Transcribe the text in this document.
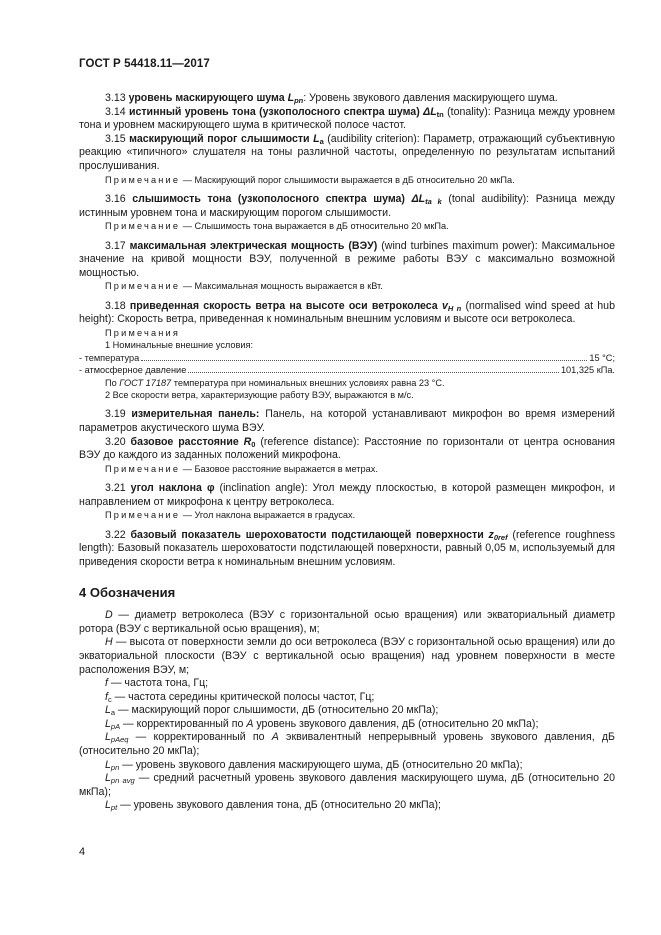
ГОСТ Р 54418.11—2017

3.13 уровень маскирующего шума $L_{pn}$: Уровень звукового давления маскирующего шума.

3.14 истинный уровень тона (узкополосного спектра шума) $\Delta L_{tn}$ (tonality): Разница между уровнем тона и уровнем маскирующего шума в критической полосе частот.

3.15 маскирующий порог слышимости $L_a$ (audibility criterion): Параметр, отражающий субъективную реакцию «типичного» слушателя на тоны различной частоты, определенную по результатам испытаний прослушивания.

Примечание — Маскирующий порог слышимости выражается в дБ относительно 20 мкПа.

3.16 слышимость тона (узкополосного спектра шума) $\Delta L_{ta k}$ (tonal audibility): Разница между истинным уровнем тона и маскирующим порогом слышимости.

Примечание — Слышимость тона выражается в дБ относительно 20 мкПа.

3.17 максимальная электрическая мощность (ВЭУ) (wind turbines maximum power): Максимальное значение на кривой мощности ВЭУ, полученной в режиме работы ВЭУ с максимально возможной мощностью.

Примечание — Максимальная мощность выражается в кВт.

3.18 приведенная скорость ветра на высоте оси ветроколеса $v_{H n}$ (normalised wind speed at hub height): Скорость ветра, приведенная к номинальным внешним условиям и высоте оси ветроколеса.

Примечания
1 Номинальные внешние условия:
- температура	15 °С;
- атмосферное давление	101,325 кПа.
По ГОСТ 17187 температура при номинальных внешних условиях равна 23 °С.
2 Все скорости ветра, характеризующие работу ВЭУ, выражаются в м/с.

3.19 измерительная панель: Панель, на которой устанавливают микрофон во время измерений параметров акустического шума ВЭУ.

3.20 базовое расстояние $R_0$ (reference distance): Расстояние по горизонтали от центра основания ВЭУ до каждого из заданных положений микрофона.

Примечание — Базовое расстояние выражается в метрах.

3.21 угол наклона φ (inclination angle): Угол между плоскостью, в которой размещен микрофон, и направлением от микрофона к центру ветроколеса.

Примечание — Угол наклона выражается в градусах.

3.22 базовый показатель шероховатости подстилающей поверхности $z_{0ref}$ (reference roughness length): Базовый показатель шероховатости подстилающей поверхности, равный 0,05 м, используемый для приведения скорости ветра к номинальным внешним условиям.

4 Обозначения

D — диаметр ветроколеса (ВЭУ с горизонтальной осью вращения) или экваториальный диаметр ротора (ВЭУ с вертикальной осью вращения), м;

H — высота от поверхности земли до оси ветроколеса (ВЭУ с горизонтальной осью вращения) или до экваториальной плоскости (ВЭУ с вертикальной осью вращения) над уровнем поверхности в месте расположения ВЭУ, м;

f — частота тона, Гц;

$f_c$ — частота середины критической полосы частот, Гц;

$L_a$ — маскирующий порог слышимости, дБ (относительно 20 мкПа);

$L_{pA}$ — корректированный по A уровень звукового давления, дБ (относительно 20 мкПа);

$L_{pAeq}$ — корректированный по A эквивалентный непрерывный уровень звукового давления, дБ (относительно 20 мкПа);

$L_{pn}$ — уровень звукового давления маскирующего шума, дБ (относительно 20 мкПа);

$L_{pn avg}$ — средний расчетный уровень звукового давления маскирующего шума, дБ (относительно 20 мкПа);

$L_{pt}$ — уровень звукового давления тона, дБ (относительно 20 мкПа);

4
